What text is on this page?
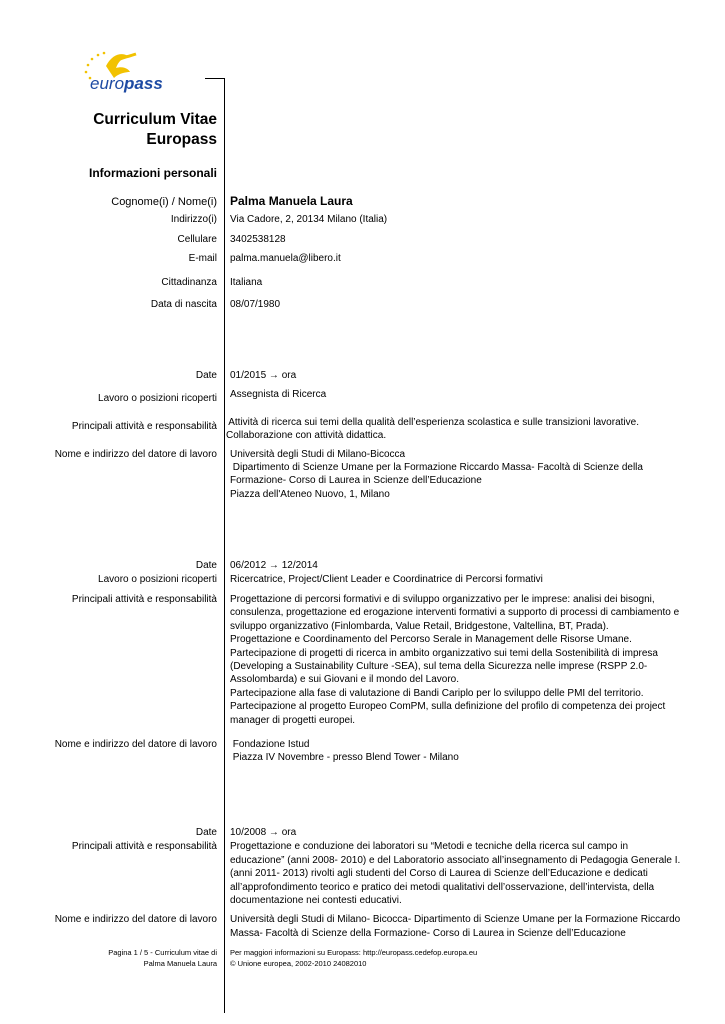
europass
Curriculum Vitae
Europass
Informazioni personali
Cognome(i) / Nome(i) Palma Manuela Laura
Indirizzo(i) Via Cadore, 2, 20134 Milano (Italia)
Cellulare 3402538128
E-mail palma.manuela@libero.it
Cittadinanza Italiana
Data di nascita 08/07/1980
Date 01/2015 → ora
Lavoro o posizioni ricoperti Assegnista di Ricerca
Principali attività e responsabilità Attività di ricerca sui temi della qualità dell’esperienza scolastica e sulle transizioni lavorative.
Collaborazione con attività didattica.
Nome e indirizzo del datore di lavoro Università degli Studi di Milano-Bicocca
Dipartimento di Scienze Umane per la Formazione Riccardo Massa- Facoltà di Scienze della
Formazione- Corso di Laurea in Scienze dell’Educazione
Piazza dell'Ateneo Nuovo, 1, Milano
Date 06/2012 → 12/2014
Lavoro o posizioni ricoperti Ricercatrice, Project/Client Leader e Coordinatrice di Percorsi formativi
Principali attività e responsabilità Progettazione di percorsi formativi e di sviluppo organizzativo per le imprese: analisi dei bisogni,
consulenza, progettazione ed erogazione interventi formativi a supporto di processi di cambiamento e
sviluppo organizzativo (Finlombarda, Value Retail, Bridgestone, Valtellina, BT, Prada).
Progettazione e Coordinamento del Percorso Serale in Management delle Risorse Umane.
Partecipazione di progetti di ricerca in ambito organizzativo sui temi della Sostenibilità di impresa
(Developing a Sustainability Culture -SEA), sul tema della Sicurezza nelle imprese (RSPP 2.0-
Assolombarda) e sui Giovani e il mondo del Lavoro.
Partecipazione alla fase di valutazione di Bandi Cariplo per lo sviluppo delle PMI del territorio.
Partecipazione al progetto Europeo ComPM, sulla definizione del profilo di competenza dei project
manager di progetti europei.
Nome e indirizzo del datore di lavoro Fondazione Istud
Piazza IV Novembre - presso Blend Tower - Milano
Date 10/2008 → ora
Principali attività e responsabilità Progettazione e conduzione dei laboratori su “Metodi e tecniche della ricerca sul campo in
educazione” (anni 2008- 2010) e del Laboratorio associato all’insegnamento di Pedagogia Generale I.
(anni 2011- 2013) rivolti agli studenti del Corso di Laurea di Scienze dell’Educazione e dedicati
all’approfondimento teorico e pratico dei metodi qualitativi dell’osservazione, dell’intervista, della
documentazione nei contesti educativi.
Nome e indirizzo del datore di lavoro Università degli Studi di Milano- Bicocca- Dipartimento di Scienze Umane per la Formazione Riccardo
Massa- Facoltà di Scienze della Formazione- Corso di Laurea in Scienze dell’Educazione
Pagina 1 / 5 - Curriculum vitae di
Palma Manuela Laura
Per maggiori informazioni su Europass: http://europass.cedefop.europa.eu
© Unione europea, 2002-2010 24082010
